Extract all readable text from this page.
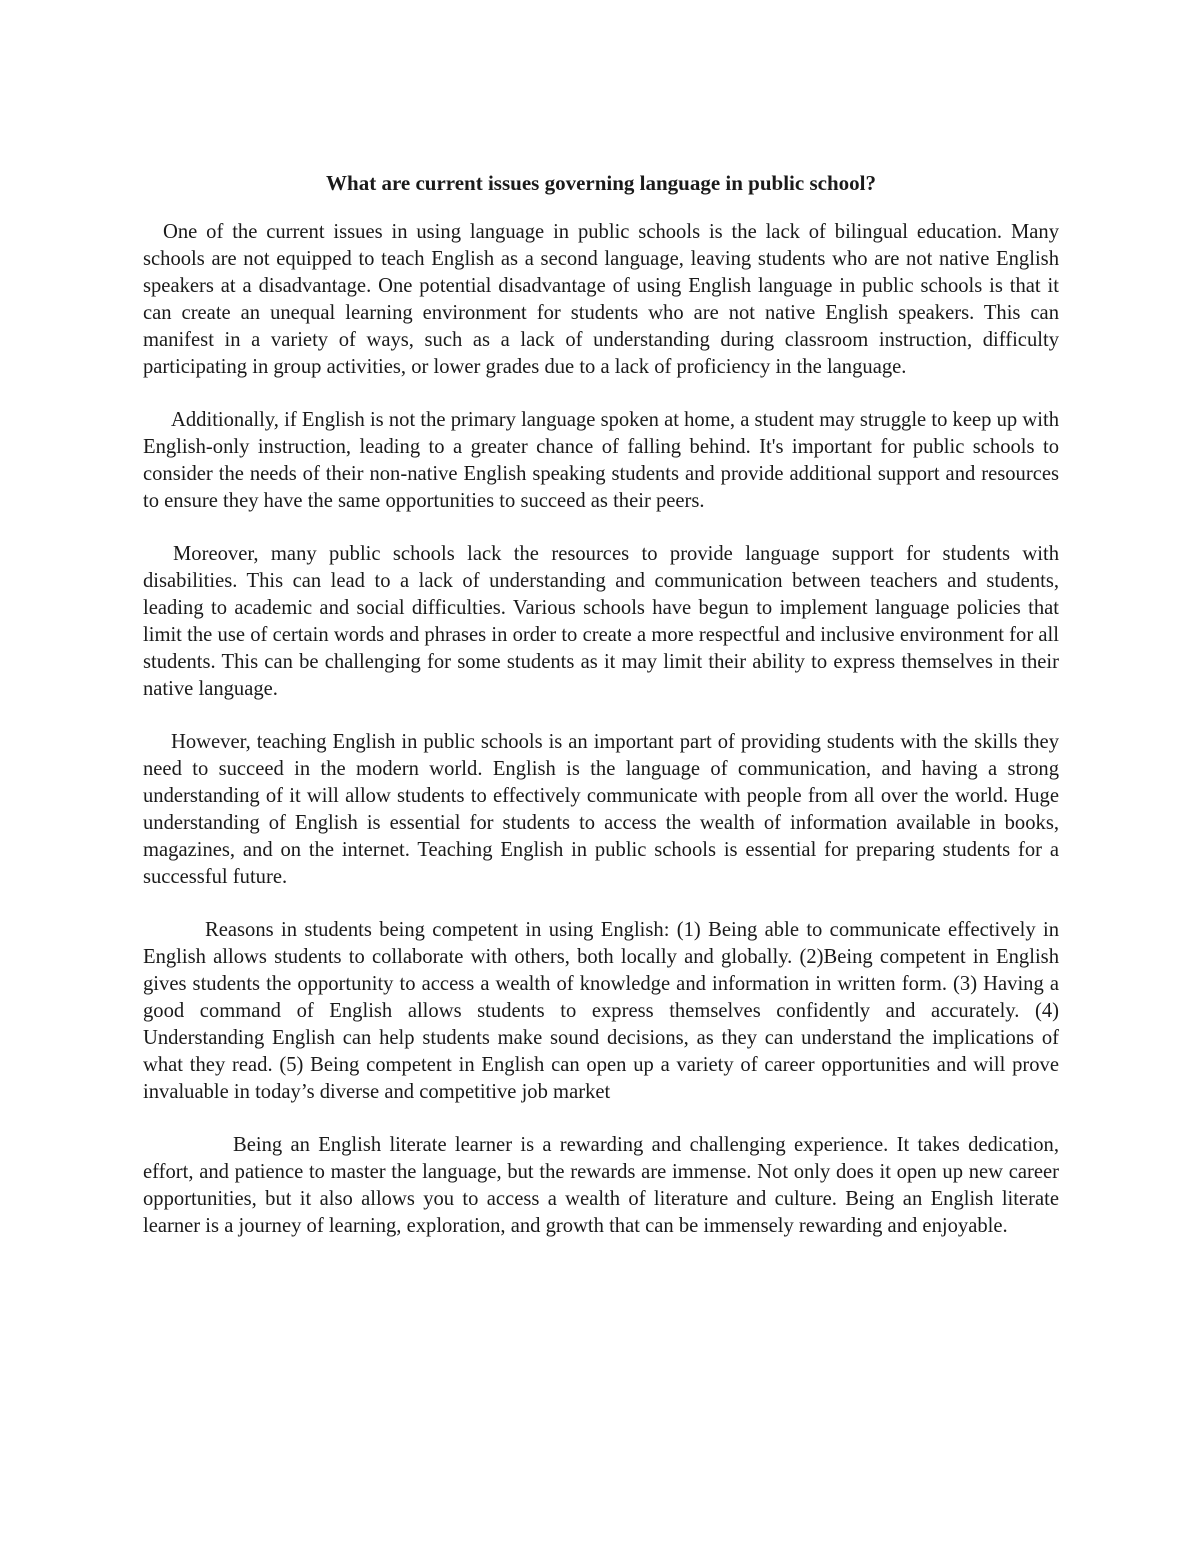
What are current issues governing language in public school?

One of the current issues in using language in public schools is the lack of bilingual education. Many schools are not equipped to teach English as a second language, leaving students who are not native English speakers at a disadvantage. One potential disadvantage of using English language in public schools is that it can create an unequal learning environment for students who are not native English speakers. This can manifest in a variety of ways, such as a lack of understanding during classroom instruction, difficulty participating in group activities, or lower grades due to a lack of proficiency in the language.

Additionally, if English is not the primary language spoken at home, a student may struggle to keep up with English-only instruction, leading to a greater chance of falling behind. It's important for public schools to consider the needs of their non-native English speaking students and provide additional support and resources to ensure they have the same opportunities to succeed as their peers.

Moreover, many public schools lack the resources to provide language support for students with disabilities. This can lead to a lack of understanding and communication between teachers and students, leading to academic and social difficulties. Various schools have begun to implement language policies that limit the use of certain words and phrases in order to create a more respectful and inclusive environment for all students. This can be challenging for some students as it may limit their ability to express themselves in their native language.

However, teaching English in public schools is an important part of providing students with the skills they need to succeed in the modern world. English is the language of communication, and having a strong understanding of it will allow students to effectively communicate with people from all over the world. Huge understanding of English is essential for students to access the wealth of information available in books, magazines, and on the internet. Teaching English in public schools is essential for preparing students for a successful future.

Reasons in students being competent in using English: (1) Being able to communicate effectively in English allows students to collaborate with others, both locally and globally. (2)Being competent in English gives students the opportunity to access a wealth of knowledge and information in written form. (3) Having a good command of English allows students to express themselves confidently and accurately. (4) Understanding English can help students make sound decisions, as they can understand the implications of what they read. (5) Being competent in English can open up a variety of career opportunities and will prove invaluable in today’s diverse and competitive job market

Being an English literate learner is a rewarding and challenging experience. It takes dedication, effort, and patience to master the language, but the rewards are immense. Not only does it open up new career opportunities, but it also allows you to access a wealth of literature and culture. Being an English literate learner is a journey of learning, exploration, and growth that can be immensely rewarding and enjoyable.
